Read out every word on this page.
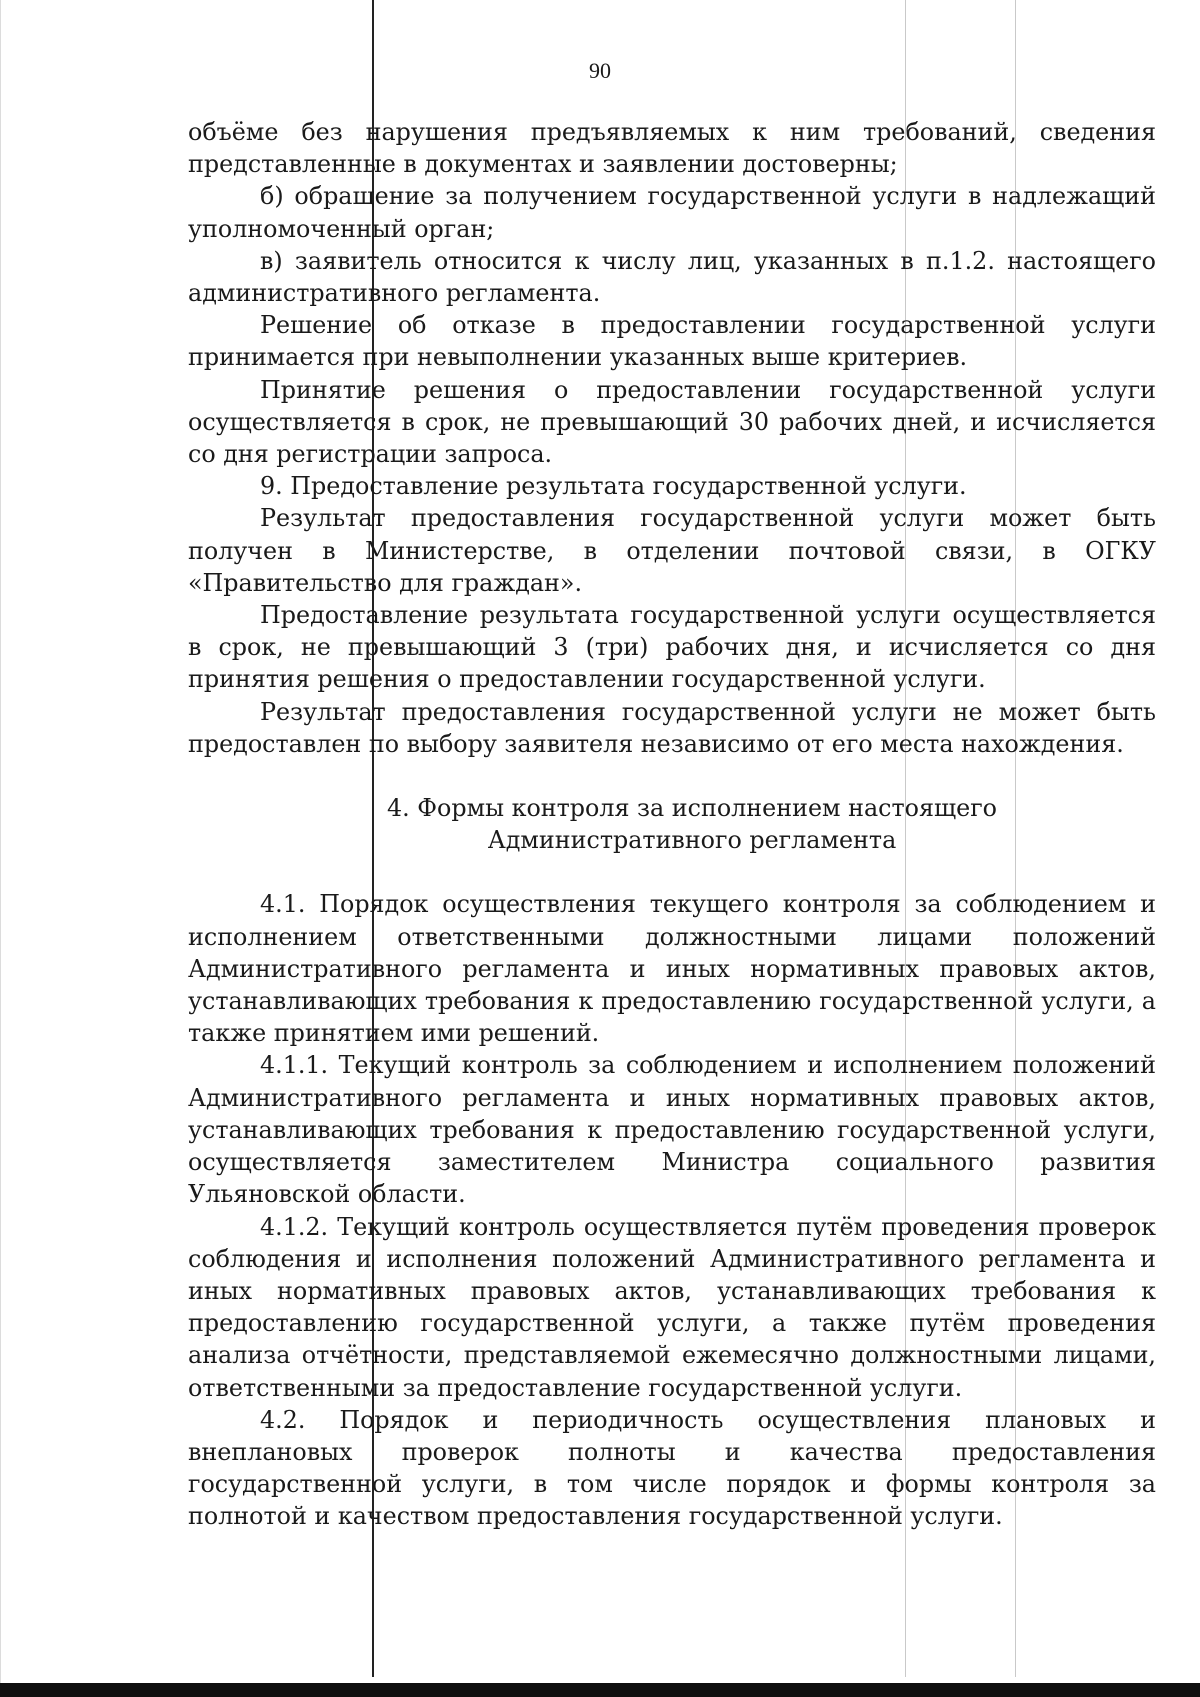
90

объёме без нарушения предъявляемых к ним требований, сведения представленные в документах и заявлении достоверны;

б) обращение за получением государственной услуги в надлежащий уполномоченный орган;

в) заявитель относится к числу лиц, указанных в п.1.2. настоящего административного регламента.

Решение об отказе в предоставлении государственной услуги принимается при невыполнении указанных выше критериев.

Принятие решения о предоставлении государственной услуги осуществляется в срок, не превышающий 30 рабочих дней, и исчисляется со дня регистрации запроса.

9. Предоставление результата государственной услуги.

Результат предоставления государственной услуги может быть получен в Министерстве, в отделении почтовой связи, в ОГКУ «Правительство для граждан».

Предоставление результата государственной услуги осуществляется в срок, не превышающий 3 (три) рабочих дня, и исчисляется со дня принятия решения о предоставлении государственной услуги.

Результат предоставления государственной услуги не может быть предоставлен по выбору заявителя независимо от его места нахождения.

4. Формы контроля за исполнением настоящего

Административного регламента

4.1. Порядок осуществления текущего контроля за соблюдением и исполнением ответственными должностными лицами положений Административного регламента и иных нормативных правовых актов, устанавливающих требования к предоставлению государственной услуги, а также принятием ими решений.

4.1.1. Текущий контроль за соблюдением и исполнением положений Административного регламента и иных нормативных правовых актов, устанавливающих требования к предоставлению государственной услуги, осуществляется заместителем Министра социального развития Ульяновской области.

4.1.2. Текущий контроль осуществляется путём проведения проверок соблюдения и исполнения положений Административного регламента и иных нормативных правовых актов, устанавливающих требования к предоставлению государственной услуги, а также путём проведения анализа отчётности, представляемой ежемесячно должностными лицами, ответственными за предоставление государственной услуги.

4.2. Порядок и периодичность осуществления плановых и внеплановых проверок полноты и качества предоставления государственной услуги, в том числе порядок и формы контроля за полнотой и качеством предоставления государственной услуги.
